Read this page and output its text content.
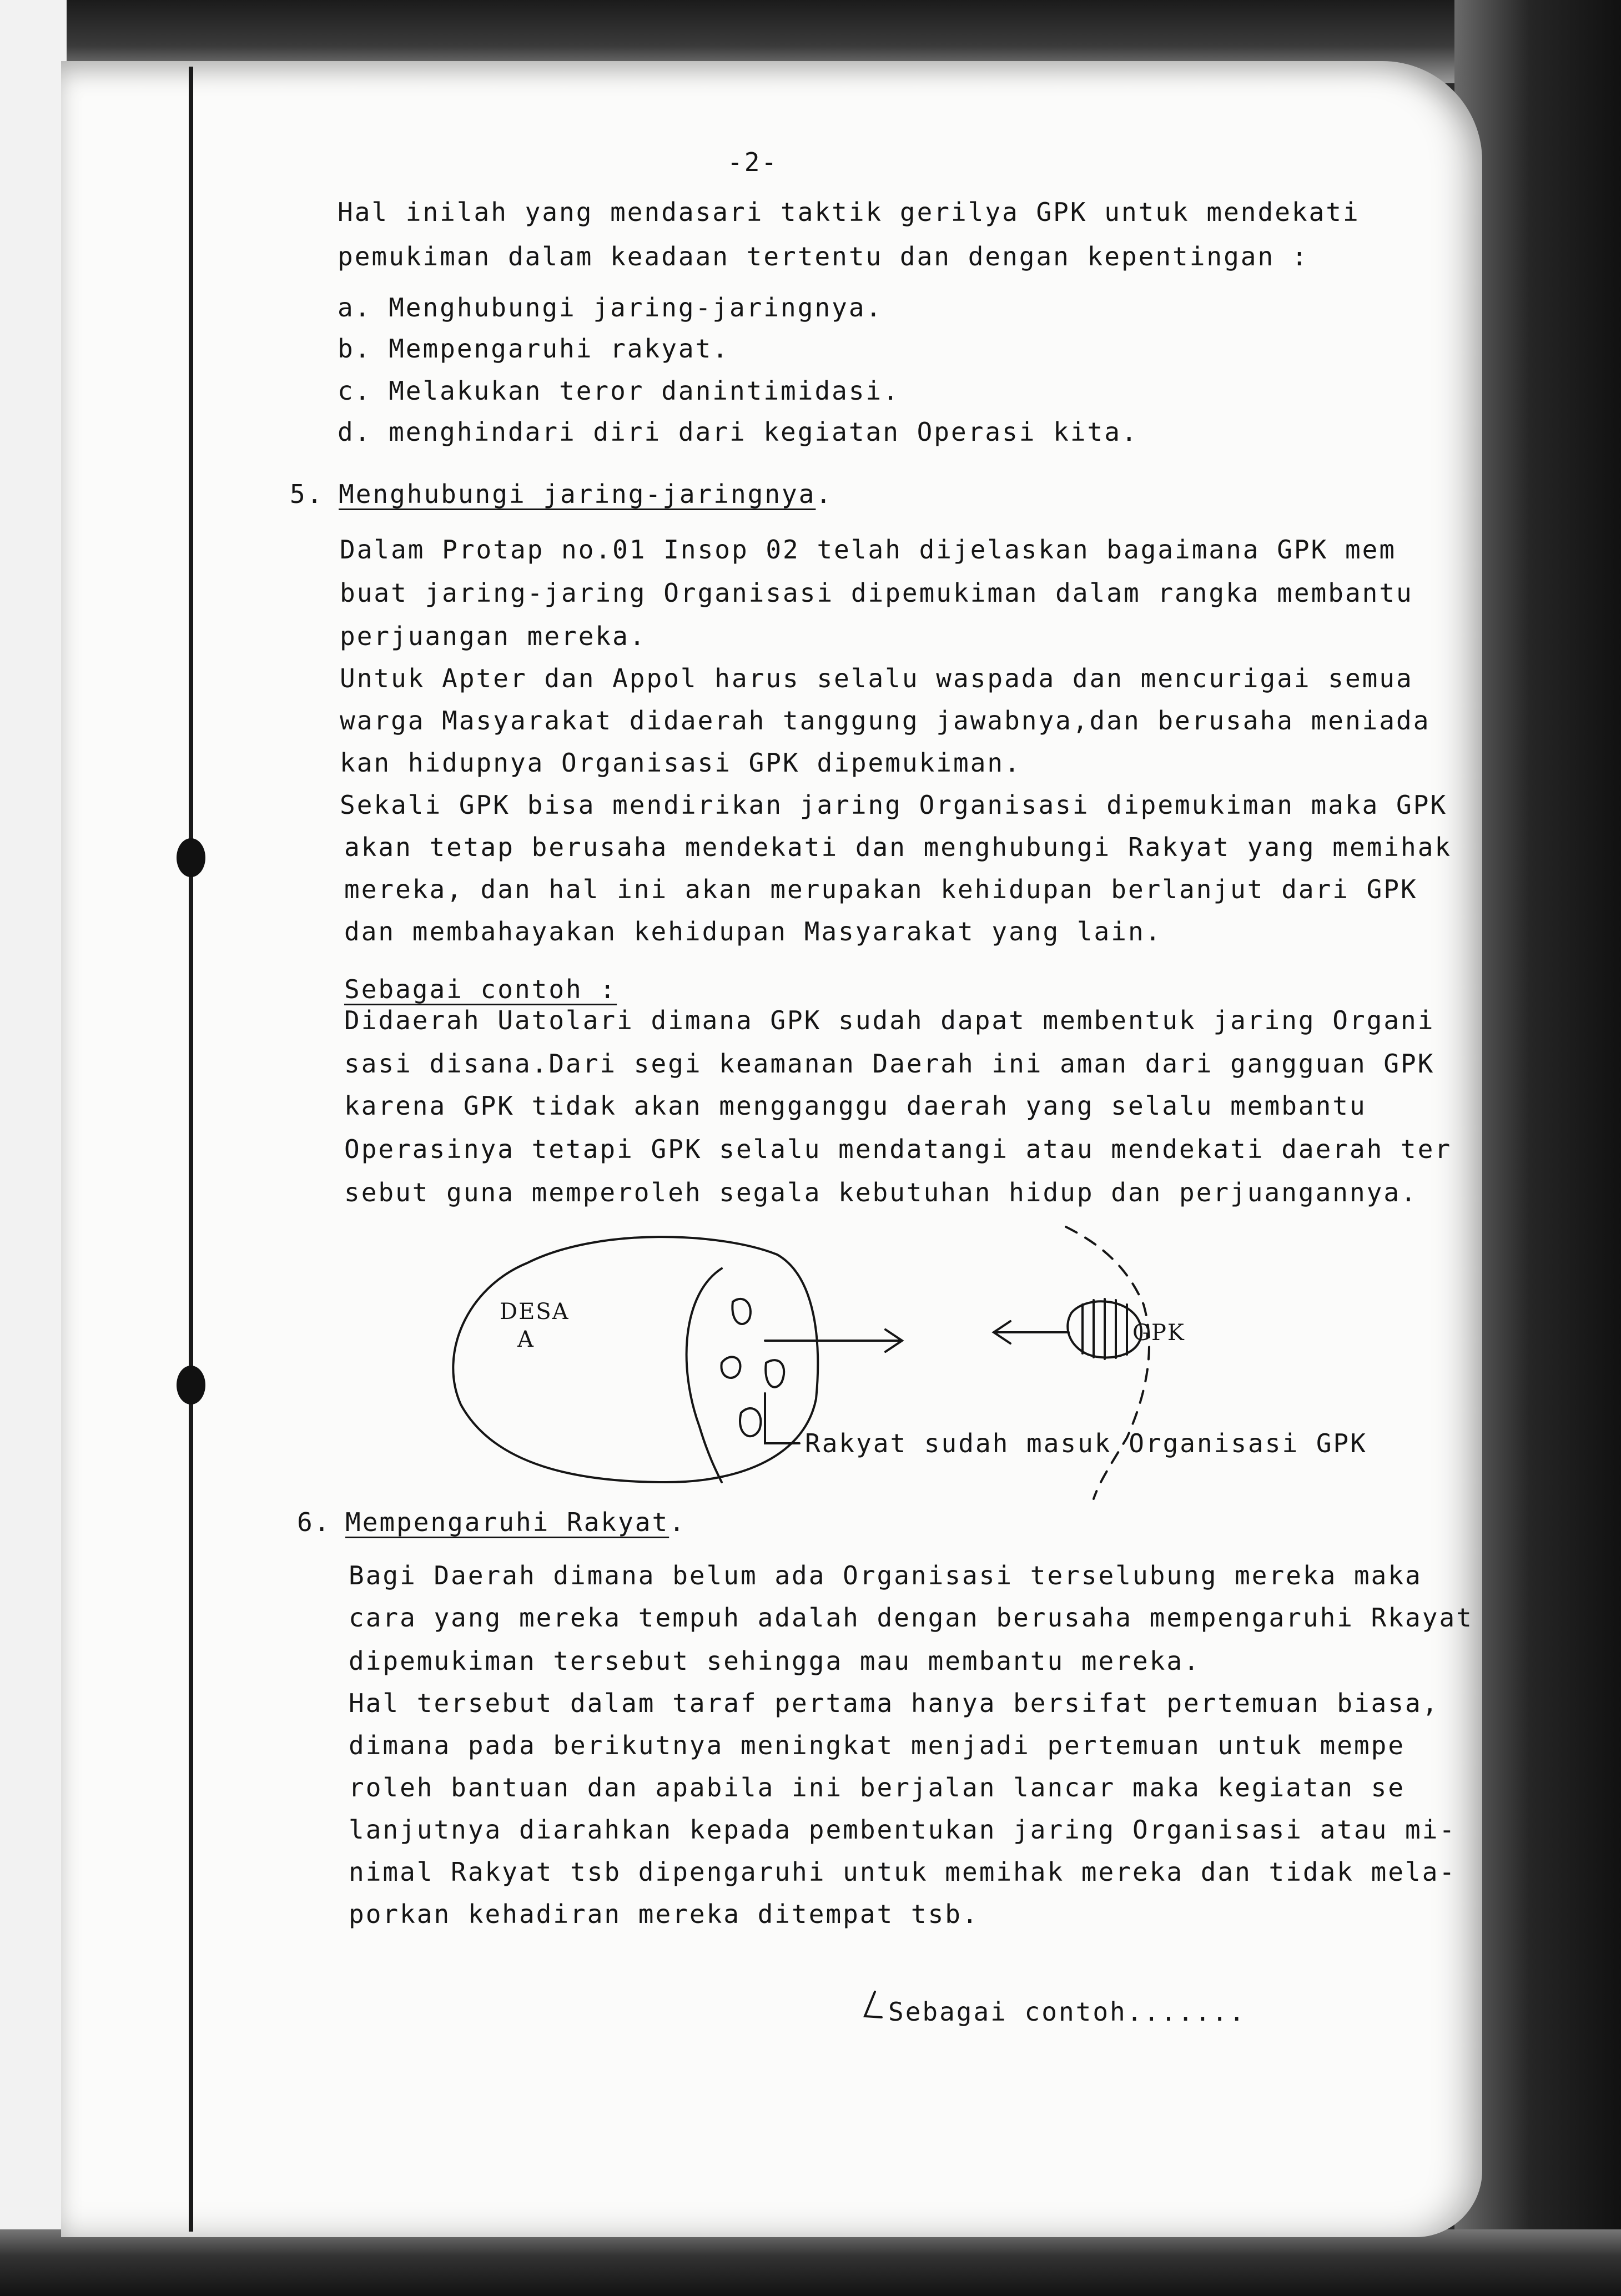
-2-
Hal inilah yang mendasari taktik gerilya GPK untuk mendekati
pemukiman dalam keadaan tertentu dan dengan kepentingan :
a. Menghubungi jaring-jaringnya.
b. Mempengaruhi rakyat.
c. Melakukan teror danintimidasi.
d. menghindari diri dari kegiatan Operasi kita.
5. Menghubungi jaring-jaringnya.
Dalam Protap no.01 Insop 02 telah dijelaskan bagaimana GPK mem
buat jaring-jaring Organisasi dipemukiman dalam rangka membantu
perjuangan mereka.
Untuk Apter dan Appol harus selalu waspada dan mencurigai semua
warga Masyarakat didaerah tanggung jawabnya,dan berusaha meniada
kan hidupnya Organisasi GPK dipemukiman.
Sekali GPK bisa mendirikan jaring Organisasi dipemukiman maka GPK
akan tetap berusaha mendekati dan menghubungi Rakyat yang memihak
mereka, dan hal ini akan merupakan kehidupan berlanjut dari GPK
dan membahayakan kehidupan Masyarakat yang lain.
Sebagai contoh :
Didaerah Uatolari dimana GPK sudah dapat membentuk jaring Organi
sasi disana.Dari segi keamanan Daerah ini aman dari gangguan GPK
karena GPK tidak akan mengganggu daerah yang selalu membantu
Operasinya tetapi GPK selalu mendatangi atau mendekati daerah ter
sebut guna memperoleh segala kebutuhan hidup dan perjuangannya.
DESA
A	GPK
Rakyat sudah masuk Organisasi GPK
6. Mempengaruhi Rakyat.
Bagi Daerah dimana belum ada Organisasi terselubung mereka maka
cara yang mereka tempuh adalah dengan berusaha mempengaruhi Rkayat
dipemukiman tersebut sehingga mau membantu mereka.
Hal tersebut dalam taraf pertama hanya bersifat pertemuan biasa,
dimana pada berikutnya meningkat menjadi pertemuan untuk mempe
roleh bantuan dan apabila ini berjalan lancar maka kegiatan se
lanjutnya diarahkan kepada pembentukan jaring Organisasi atau mi-
nimal Rakyat tsb dipengaruhi untuk memihak mereka dan tidak mela-
porkan kehadiran mereka ditempat tsb.
Sebagai contoh.......
